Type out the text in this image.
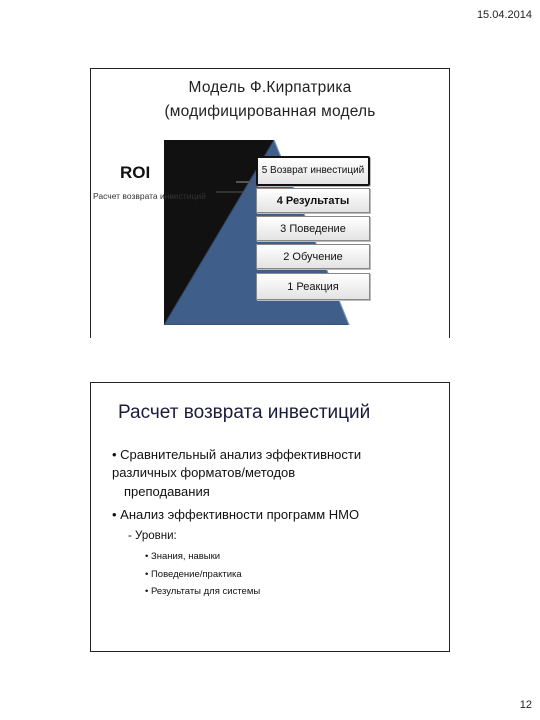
15.04.2014
Модель Ф.Кирпатрика
(модифицированная модель
ROI
Расчет возврата инвестиций
5 Возврат инвестиций
4 Результаты
3 Поведение
2 Обучение
1 Реакция
Расчет возврата инвестиций
• Сравнительный анализ эффективности
различных форматов/методов
преподавания
• Анализ эффективности программ НМО
- Уровни:
• Знания, навыки
• Поведение/практика
• Результаты для системы
12
